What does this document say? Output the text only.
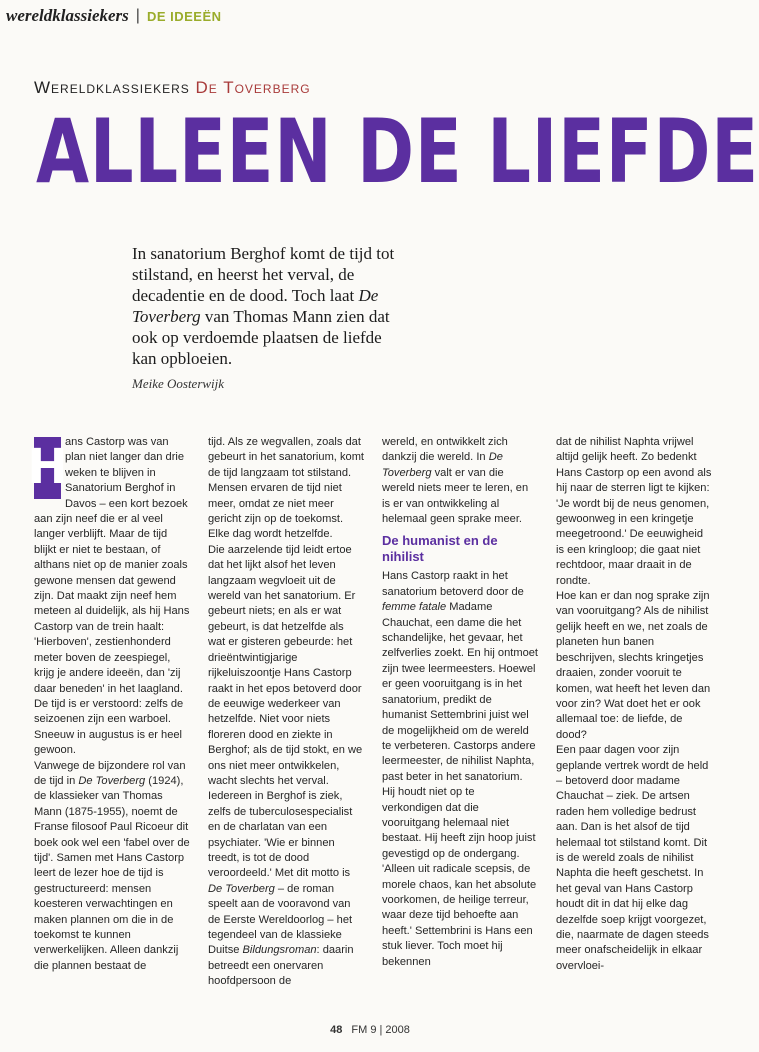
wereldklassiekers | DE IDEEËN
Wereldklassiekers De Toverberg
ALLEEN DE LIEFDE

In sanatorium Berghof komt de tijd tot stilstand, en heerst het verval, de decadentie en de dood. Toch laat De Toverberg van Thomas Mann zien dat ook op verdoemde plaatsen de liefde kan opbloeien.

Meike Oosterwijk
H

ans Castorp was van plan niet langer dan drie weken te blijven in Sanatorium Berghof in Davos – een kort bezoek aan zijn neef die er al veel langer verblijft. Maar de tijd blijkt er niet te bestaan, of althans niet op de manier zoals gewone mensen dat gewend zijn. Dat maakt zijn neef hem meteen al duidelijk, als hij Hans Castorp van de trein haalt: 'Hierboven', zestienhonderd meter boven de zeespiegel, krijg je andere ideeën, dan 'zij daar beneden' in het laagland. De tijd is er verstoord: zelfs de seizoenen zijn een warboel. Sneeuw in augustus is er heel gewoon.

Vanwege de bijzondere rol van de tijd in De Toverberg (1924), de klassieker van Thomas Mann (1875-1955), noemt de Franse filosoof Paul Ricoeur dit boek ook wel een 'fabel over de tijd'. Samen met Hans Castorp leert de lezer hoe de tijd is gestructureerd: mensen koesteren verwachtingen en maken plannen om die in de toekomst te kunnen verwerkelijken. Alleen dankzij die plannen bestaat de

tijd. Als ze wegvallen, zoals dat gebeurt in het sanatorium, komt de tijd langzaam tot stilstand. Mensen ervaren de tijd niet meer, omdat ze niet meer gericht zijn op de toekomst. Elke dag wordt hetzelfde.

Die aarzelende tijd leidt ertoe dat het lijkt alsof het leven langzaam wegvloeit uit de wereld van het sanatorium. Er gebeurt niets; en als er wat gebeurt, is dat hetzelfde als wat er gisteren gebeurde: het drieëntwintigjarige rijkeluiszoontje Hans Castorp raakt in het epos betoverd door de eeuwige wederkeer van hetzelfde. Niet voor niets floreren dood en ziekte in Berghof; als de tijd stokt, en we ons niet meer ontwikkelen, wacht slechts het verval. Iedereen in Berghof is ziek, zelfs de tuberculosespecialist en de charlatan van een psychiater. 'Wie er binnen treedt, is tot de dood veroordeeld.' Met dit motto is De Toverberg – de roman speelt aan de vooravond van de Eerste Wereldoorlog – het tegendeel van de klassieke Duitse Bildungsroman: daarin betreedt een onervaren hoofdpersoon de

wereld, en ontwikkelt zich dankzij die wereld. In De Toverberg valt er van die wereld niets meer te leren, en is er van ontwikkeling al helemaal geen sprake meer.

De humanist en de nihilist

Hans Castorp raakt in het sanatorium betoverd door de femme fatale Madame Chauchat, een dame die het schandelijke, het gevaar, het zelfverlies zoekt. En hij ontmoet zijn twee leermeesters. Hoewel er geen vooruitgang is in het sanatorium, predikt de humanist Settembrini juist wel de mogelijkheid om de wereld te verbeteren. Castorps andere leermeester, de nihilist Naphta, past beter in het sanatorium. Hij houdt niet op te verkondigen dat die vooruitgang helemaal niet bestaat. Hij heeft zijn hoop juist gevestigd op de ondergang. 'Alleen uit radicale scepsis, de morele chaos, kan het absolute voorkomen, de heilige terreur, waar deze tijd behoefte aan heeft.' Settembrini is Hans een stuk liever. Toch moet hij bekennen

dat de nihilist Naphta vrijwel altijd gelijk heeft. Zo bedenkt Hans Castorp op een avond als hij naar de sterren ligt te kijken: 'Je wordt bij de neus genomen, gewoonweg in een kringetje meegetroond.' De eeuwigheid is een kringloop; die gaat niet rechtdoor, maar draait in de rondte.

Hoe kan er dan nog sprake zijn van vooruitgang? Als de nihilist gelijk heeft en we, net zoals de planeten hun banen beschrijven, slechts kringetjes draaien, zonder vooruit te komen, wat heeft het leven dan voor zin? Wat doet het er ook allemaal toe: de liefde, de dood?

Een paar dagen voor zijn geplande vertrek wordt de held – betoverd door madame Chauchat – ziek. De artsen raden hem volledige bedrust aan. Dan is het alsof de tijd helemaal tot stilstand komt. Dit is de wereld zoals de nihilist Naphta die heeft geschetst. In het geval van Hans Castorp houdt dit in dat hij elke dag dezelfde soep krijgt voorgezet, die, naarmate de dagen steeds meer onafscheidelijk in elkaar overvloei-

48 FM 9 | 2008
